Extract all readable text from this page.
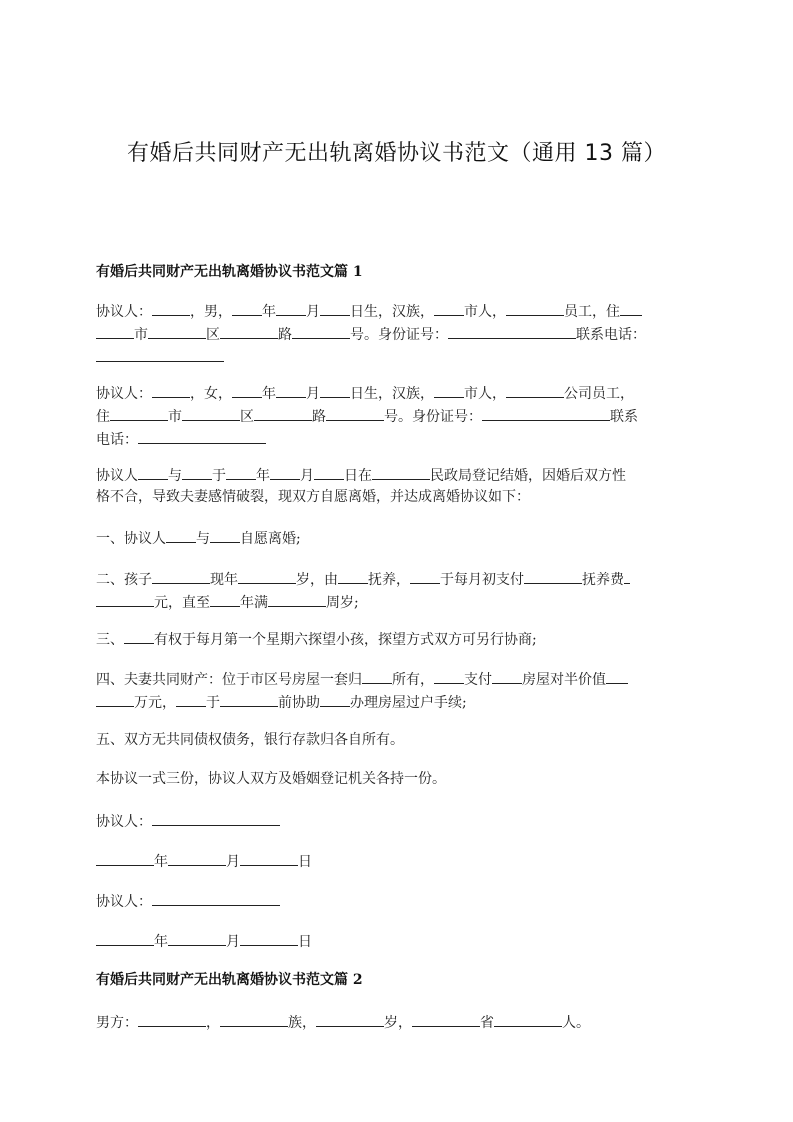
有婚后共同财产无出轨离婚协议书范文（通用 13 篇）
有婚后共同财产无出轨离婚协议书范文篇 1
协议人：	，男， 年 月 日生，汉族， 市人，	员工，住
市	区	路	号。身份证号：	联系电话：
协议人：	，女， 年 月 日生，汉族， 市人，	公司员工，
住	市	区	路	号。身份证号：	联系
电话：
协议人 与 于 年 月 日在	民政局登记结婚，因婚后双方性
格不合，导致夫妻感情破裂，现双方自愿离婚，并达成离婚协议如下：
一、协议人 与 自愿离婚;
二、孩子	现年	岁，由 抚养， 于每月初支付	抚养费
元，直至 年满	周岁;
三、 有权于每月第一个星期六探望小孩，探望方式双方可另行协商;
四、夫妻共同财产：位于市区号房屋一套归 所有， 支付 房屋对半价值
万元， 于	前协助 办理房屋过户手续;
五、双方无共同债权债务，银行存款归各自所有。
本协议一式三份，协议人双方及婚姻登记机关各持一份。
协议人：
年	月	日
协议人：
年	月	日
有婚后共同财产无出轨离婚协议书范文篇 2
男方：	，	族，	岁，	省	人。
